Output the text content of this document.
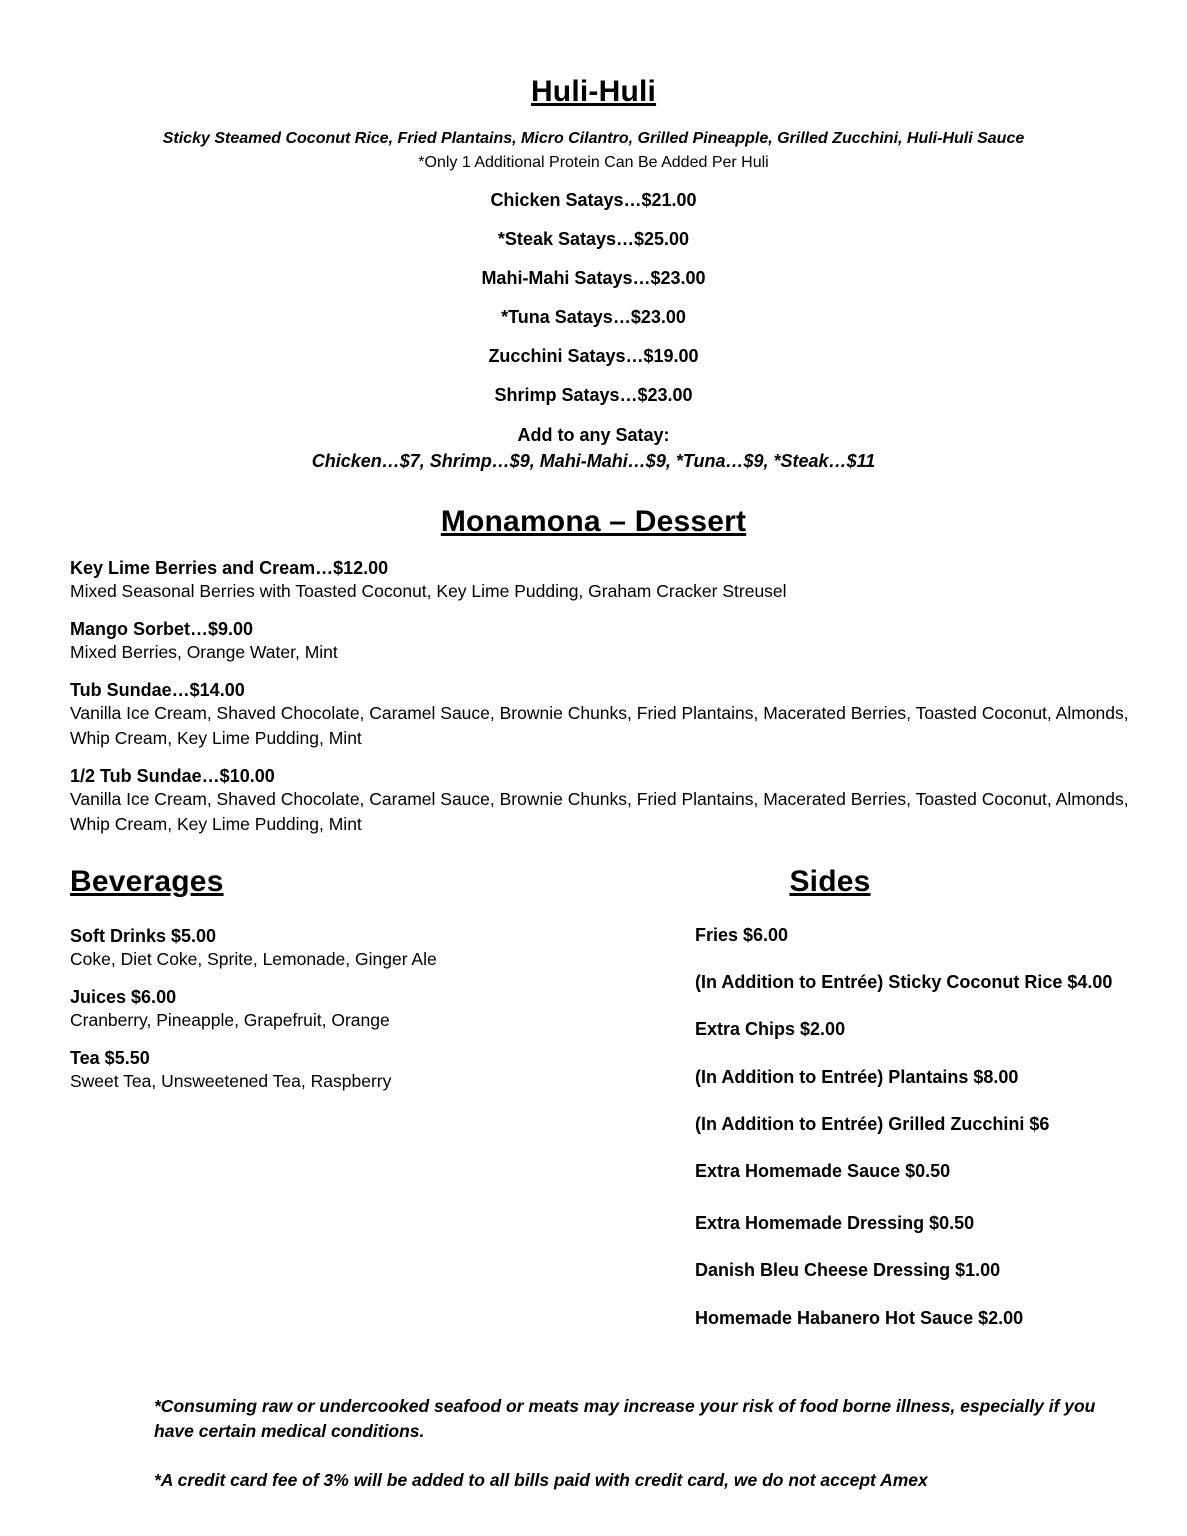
Huli-Huli
Sticky Steamed Coconut Rice, Fried Plantains, Micro Cilantro, Grilled Pineapple, Grilled Zucchini, Huli-Huli Sauce
*Only 1 Additional Protein Can Be Added Per Huli
Chicken Satays…$21.00
*Steak Satays…$25.00
Mahi-Mahi Satays…$23.00
*Tuna Satays…$23.00
Zucchini Satays…$19.00
Shrimp Satays…$23.00
Add to any Satay:
Chicken…$7, Shrimp…$9, Mahi-Mahi…$9, *Tuna…$9, *Steak…$11
Monamona – Dessert
Key Lime Berries and Cream…$12.00
Mixed Seasonal Berries with Toasted Coconut, Key Lime Pudding, Graham Cracker Streusel
Mango Sorbet…$9.00
Mixed Berries, Orange Water, Mint
Tub Sundae…$14.00
Vanilla Ice Cream, Shaved Chocolate, Caramel Sauce, Brownie Chunks, Fried Plantains, Macerated Berries, Toasted Coconut, Almonds, Whip Cream, Key Lime Pudding, Mint
1/2 Tub Sundae…$10.00
Vanilla Ice Cream, Shaved Chocolate, Caramel Sauce, Brownie Chunks, Fried Plantains, Macerated Berries, Toasted Coconut, Almonds, Whip Cream, Key Lime Pudding, Mint
Beverages
Soft Drinks $5.00
Coke, Diet Coke, Sprite, Lemonade, Ginger Ale
Juices $6.00
Cranberry, Pineapple, Grapefruit, Orange
Tea $5.50
Sweet Tea, Unsweetened Tea, Raspberry
Sides
Fries $6.00
(In Addition to Entrée) Sticky Coconut Rice $4.00
Extra Chips $2.00
(In Addition to Entrée) Plantains $8.00
(In Addition to Entrée) Grilled Zucchini $6
Extra Homemade Sauce $0.50
Extra Homemade Dressing $0.50
Danish Bleu Cheese Dressing $1.00
Homemade Habanero Hot Sauce $2.00
*Consuming raw or undercooked seafood or meats may increase your risk of food borne illness, especially if you have certain medical conditions.
*A credit card fee of 3% will be added to all bills paid with credit card, we do not accept Amex
